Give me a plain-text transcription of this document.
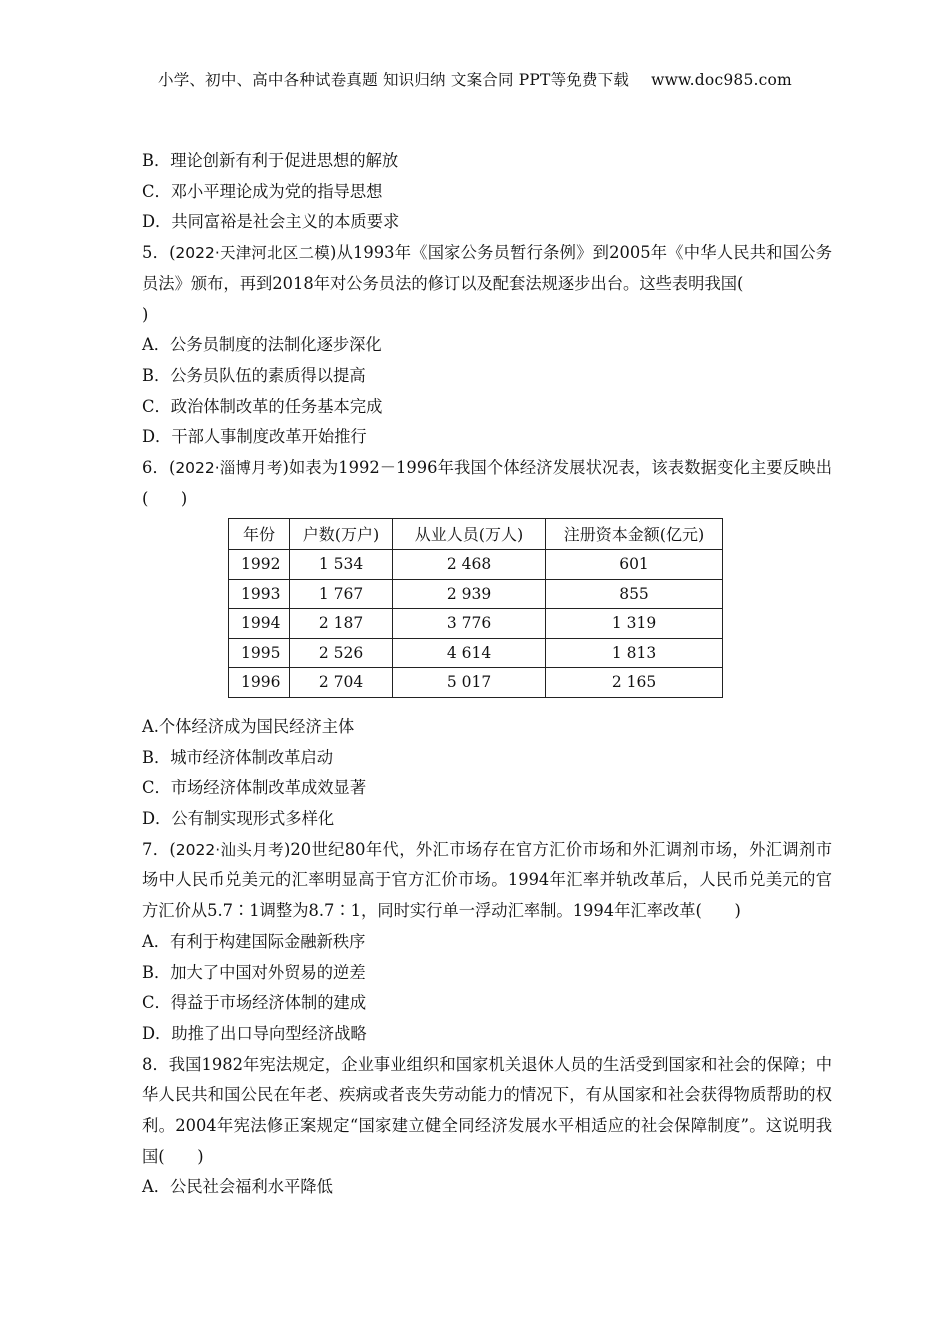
小学、初中、高中各种试卷真题 知识归纳 文案合同 PPT等免费下载 www.doc985.com
B．理论创新有利于促进思想的解放
C．邓小平理论成为党的指导思想
D．共同富裕是社会主义的本质要求
5．(2022·天津河北区二模)从1993年《国家公务员暂行条例》到2005年《中华人民共和国公务员法》颁布，再到2018年对公务员法的修订以及配套法规逐步出台。这些表明我国(
)
A．公务员制度的法制化逐步深化
B．公务员队伍的素质得以提高
C．政治体制改革的任务基本完成
D．干部人事制度改革开始推行
6．(2022·淄博月考)如表为1992－1996年我国个体经济发展状况表，该表数据变化主要反映出(　　)
年份	户数(万户)	从业人员(万人)	注册资本金额(亿元)
1992	1 534	2 468	601
1993	1 767	2 939	855
1994	2 187	3 776	1 319
1995	2 526	4 614	1 813
1996	2 704	5 017	2 165
A.个体经济成为国民经济主体
B．城市经济体制改革启动
C．市场经济体制改革成效显著
D．公有制实现形式多样化
7．(2022·汕头月考)20世纪80年代，外汇市场存在官方汇价市场和外汇调剂市场，外汇调剂市场中人民币兑美元的汇率明显高于官方汇价市场。1994年汇率并轨改革后，人民币兑美元的官方汇价从5.7∶1调整为8.7∶1，同时实行单一浮动汇率制。1994年汇率改革(　　)
A．有利于构建国际金融新秩序
B．加大了中国对外贸易的逆差
C．得益于市场经济体制的建成
D．助推了出口导向型经济战略
8．我国1982年宪法规定，企业事业组织和国家机关退休人员的生活受到国家和社会的保障；中华人民共和国公民在年老、疾病或者丧失劳动能力的情况下，有从国家和社会获得物质帮助的权利。2004年宪法修正案规定“国家建立健全同经济发展水平相适应的社会保障制度”。这说明我国(　　)
A．公民社会福利水平降低
